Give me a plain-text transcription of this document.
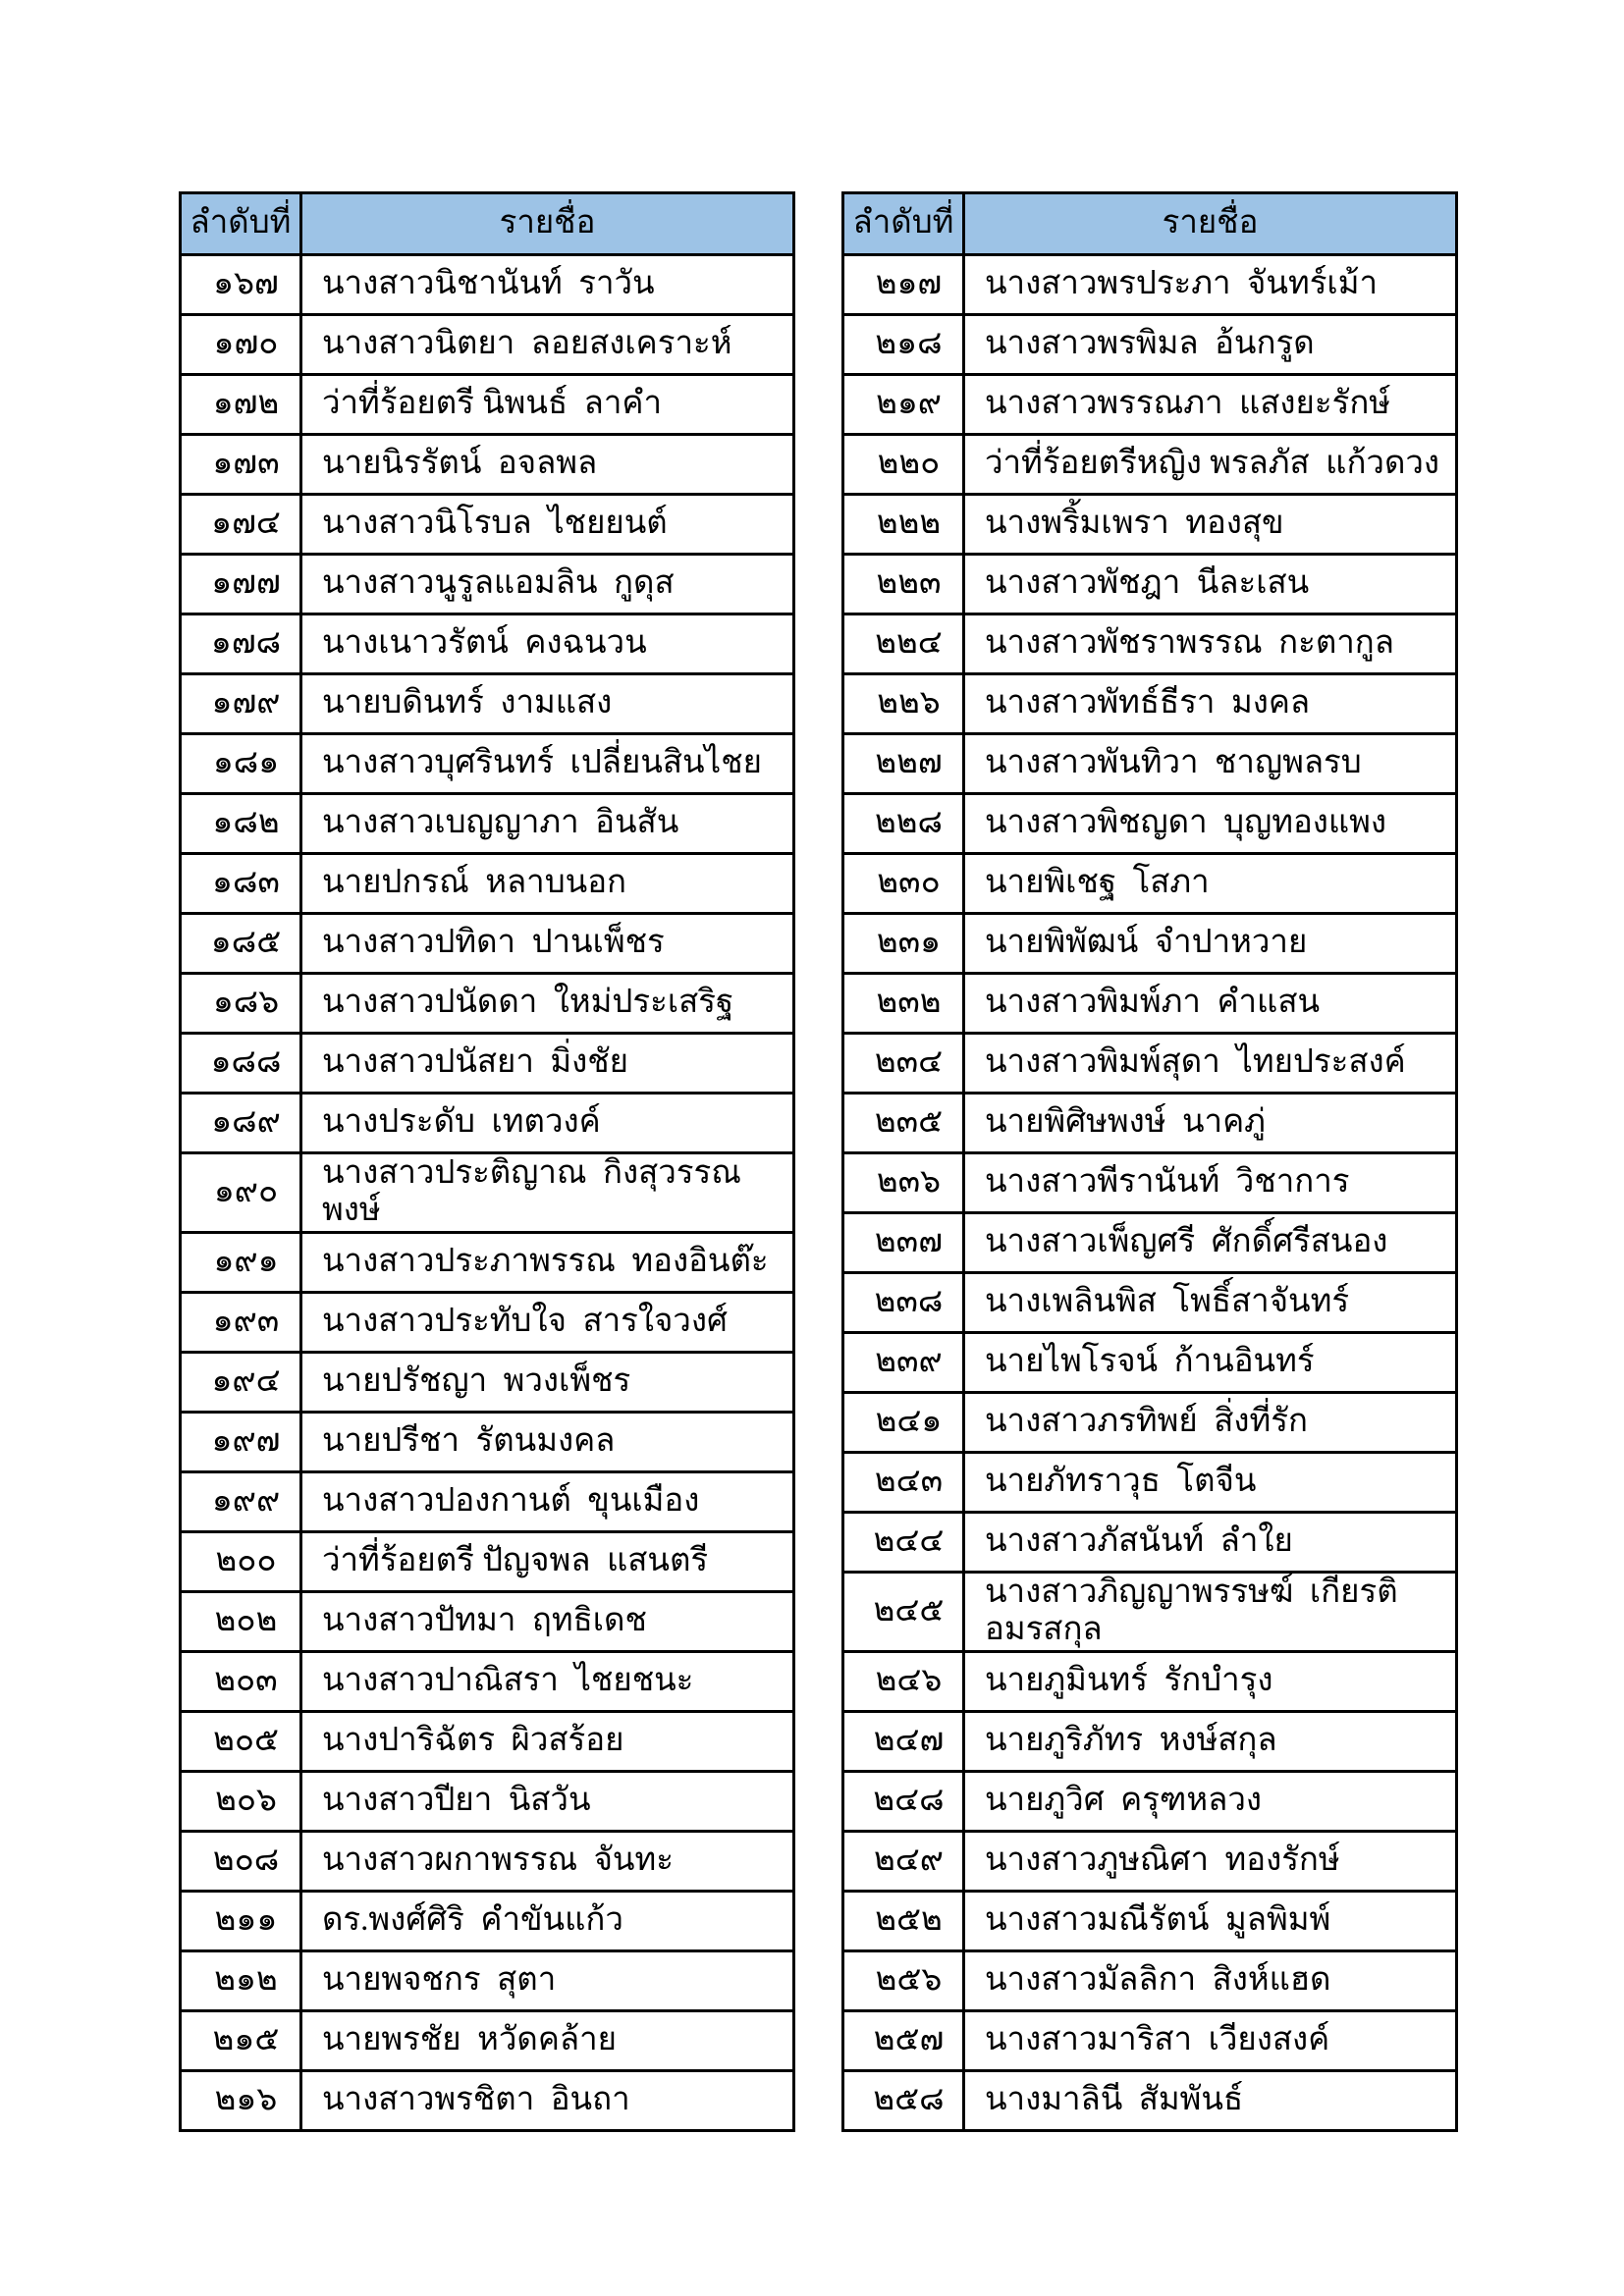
ลำดับที่	รายชื่อ
๑๖๗	นางสาวนิชานันท์  ราวัน
๑๗๐	นางสาวนิตยา  ลอยสงเคราะห์
๑๗๒	ว่าที่ร้อยตรี นิพนธ์  ลาคำ
๑๗๓	นายนิรรัตน์  อจลพล
๑๗๔	นางสาวนิโรบล  ไชยยนต์
๑๗๗	นางสาวนูรูลแอมลิน  กูดุส
๑๗๘	นางเนาวรัตน์  คงฉนวน
๑๗๙	นายบดินทร์  งามแสง
๑๘๑	นางสาวบุศรินทร์  เปลี่ยนสินไชย
๑๘๒	นางสาวเบญญาภา  อินสัน
๑๘๓	นายปกรณ์  หลาบนอก
๑๘๕	นางสาวปทิดา  ปานเพ็ชร
๑๘๖	นางสาวปนัดดา  ใหม่ประเสริฐ
๑๘๘	นางสาวปนัสยา  มิ่งชัย
๑๘๙	นางประดับ  เทตวงค์
๑๙๐	นางสาวประติญาณ  กิ่งสุวรรณพงษ์
๑๙๑	นางสาวประภาพรรณ  ทองอินต๊ะ
๑๙๓	นางสาวประทับใจ  สารใจวงศ์
๑๙๔	นายปรัชญา  พวงเพ็ชร
๑๙๗	นายปรีชา  รัตนมงคล
๑๙๙	นางสาวปองกานต์  ขุนเมือง
๒๐๐	ว่าที่ร้อยตรี ปัญจพล  แสนตรี
๒๐๒	นางสาวปัทมา  ฤทธิเดช
๒๐๓	นางสาวปาณิสรา  ไชยชนะ
๒๐๕	นางปาริฉัตร  ผิวสร้อย
๒๐๖	นางสาวปียา  นิสวัน
๒๐๘	นางสาวผกาพรรณ  จันทะ
๒๑๑	ดร.พงศ์ศิริ  คำขันแก้ว
๒๑๒	นายพจชกร  สุตา
๒๑๕	นายพรชัย  หวัดคล้าย
๒๑๖	นางสาวพรชิตา  อินถา
ลำดับที่	รายชื่อ
๒๑๗	นางสาวพรประภา  จันทร์เม้า
๒๑๘	นางสาวพรพิมล  อ้นกรูด
๒๑๙	นางสาวพรรณภา  แสงยะรักษ์
๒๒๐	ว่าที่ร้อยตรีหญิง พรลภัส  แก้วดวง
๒๒๒	นางพริ้มเพรา  ทองสุข
๒๒๓	นางสาวพัชฎา  นีละเสน
๒๒๔	นางสาวพัชราพรรณ  กะตากูล
๒๒๖	นางสาวพัทธ์ธีรา  มงคล
๒๒๗	นางสาวพันทิวา  ชาญพลรบ
๒๒๘	นางสาวพิชญดา  บุญทองแพง
๒๓๐	นายพิเชฐ  โสภา
๒๓๑	นายพิพัฒน์  จำปาหวาย
๒๓๒	นางสาวพิมพ์ภา  คำแสน
๒๓๔	นางสาวพิมพ์สุดา  ไทยประสงค์
๒๓๕	นายพิศิษพงษ์  นาคภู่
๒๓๖	นางสาวพีรานันท์  วิชาการ
๒๓๗	นางสาวเพ็ญศรี  ศักดิ์ศรีสนอง
๒๓๘	นางเพลินพิส  โพธิ์สาจันทร์
๒๓๙	นายไพโรจน์  ก้านอินทร์
๒๔๑	นางสาวภรทิพย์  สิ่งที่รัก
๒๔๓	นายภัทราวุธ  โตจีน
๒๔๔	นางสาวภัสนันท์  ลำใย
๒๔๕	นางสาวภิญญาพรรษฆ์  เกียรติอมรสกุล
๒๔๖	นายภูมินทร์  รักบำรุง
๒๔๗	นายภูริภัทร  หงษ์สกุล
๒๔๘	นายภูวิศ  ครุฑหลวง
๒๔๙	นางสาวภูษณิศา  ทองรักษ์
๒๕๒	นางสาวมณีรัตน์  มูลพิมพ์
๒๕๖	นางสาวมัลลิกา  สิงห์แฮด
๒๕๗	นางสาวมาริสา  เวียงสงค์
๒๕๘	นางมาลินี  สัมพันธ์
